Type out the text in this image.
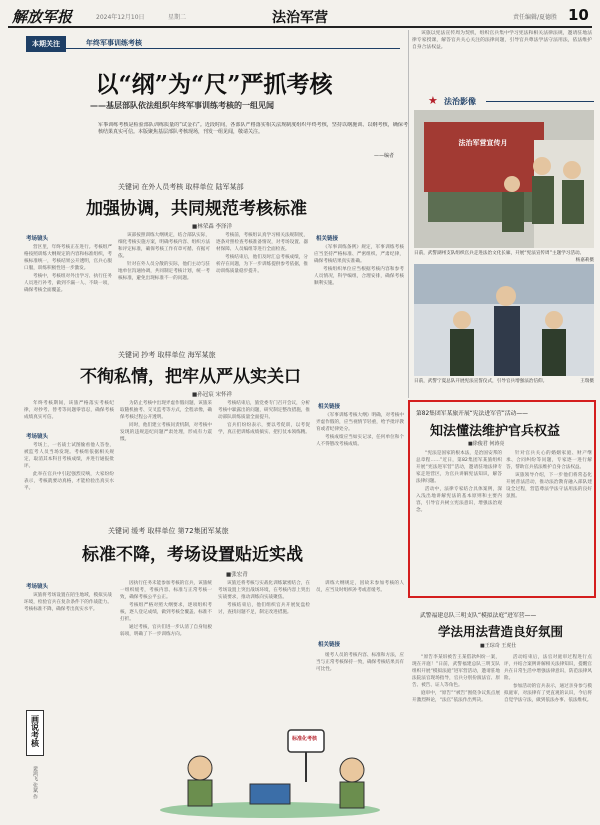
解放军报	2024年12月10日	星期二	法治军营	责任编辑/夏德胜 10
本期关注	年终军事训练考核
以“纲”为“尺”严抓考核
——基层部队依法组织年终军事训练考核的一组见闻
军事训练考核是检验部队训练质量的“试金石”。近段时间，各部队严格落实相关法规制度组织年终考核，坚持以纲施训、以纲考核，确保考核结果真实可信。本版聚焦基层部队考核现场，刊发一组见闻，敬请关注。
——编者
关键词 在外人员考核 取样单位 陆军某部
加强协调，共同规范考核标准
■林荣森 李泽洋
考场镜头

营区里，年终考核正在进行。考核组严格按照训练大纲规定的内容和标准组织，考核标准统一，考核结果公开透明，官兵心服口服，训练积极性进一步激发。

考核中，考核组对外出学习、执行任务人员进行补考，做到不漏一人、不缺一项，确保考核全面覆盖。

该部按照训练大纲规定，结合部队实际，细化考核实施方案，明确考核内容、组织方法和评定标准，确保考核工作有章可循、有据可依。

针对在外人员分散的实际，他们主动与驻地单位沟通协调，共同制定考核计划，统一考核标准，避免出现标准不一的问题。

考核前，考核组认真学习相关法规制度，逐条对照检查考核准备情况，对考场设置、器材保障、人员编组等进行全面检查。

考核结束后，他们及时汇总考核成绩，分析存在问题，为下一步训练提供参考依据，推动训练质量稳步提升。

相关链接

《军事训练条例》规定，军事训练考核应当坚持严格标准、严密组织、严肃纪律，确保考核结果真实准确。

考核组织单位应当根据考核内容和参考人员情况，科学编组，合理安排，确保考核顺利实施。

关键词 抄考 取样单位 海军某旅
不徇私情，把牢从严从实关口
■孙冠宸 宋怀祥
考场镜头

年终考核期间，该旅严格落实考核纪律，对抄考、替考等问题零容忍，确保考核成绩真实可信。

考场上，一名战士试图偷看他人答卷，被监考人员当场发现。考核组依据相关规定，取消其本科目考核成绩，并进行通报批评。

此举在官兵中引起强烈反响，大家纷纷表示，考核就要动真格，才能检验出真实水平。

为防止考核中出现弄虚作假问题，该旅采取随机抽考、交叉监考等方式，全程录像，确保考核过程公开透明。

同时，他们建立考核问责机制，对考核中发现的违规违纪问题严肃处理，形成有力震慑。

考核结束后，旅党委专门召开会议，分析考核中暴露出的问题，研究制定整改措施，推动部队训练质量全面提升。

官兵们纷纷表示，要以考促训，以考促学，真正把训练成绩搞实、把打仗本领练精。

相关链接

《军事训练考核大纲》明确，对考核中弄虚作假的，应当视情节轻重，给予批评教育或者纪律处分。

考核成绩应当如实记录，任何单位和个人不得篡改考核成绩。

关键词 缓考 取样单位 第72集团军某旅
标准不降，考场设置贴近实战
■张宏青
考场镜头

该旅将考场设置在陌生地域，模拟实战环境，检验官兵在复杂条件下的作战能力。考核标准不降，确保考出真实水平。

因执行任务未能参加考核的官兵，该旅统一组织缓考，考核内容、标准与正常考核一致，确保考核公平公正。

考核组严格对照大纲要求，逐项组织考核，逐人登记成绩，做到考核全覆盖、标准不打折。

通过考核，官兵们进一步认清了自身短板弱项，明确了下一步训练方向。

该旅还将考核与实战化训练紧密结合，在考场设置上突出战场环境，在考核内容上突出实战要求，推动训练向实战聚焦。

考核结束后，他们组织官兵开展复盘检讨，查找问题不足，制定改进措施。

相关链接

训练大纲规定，因故未参加考核的人员，应当及时组织补考或者缓考。

缓考人员的考核内容、标准和方法，应当与正常考核保持一致，确保考核结果具有可比性。

画说考核
裴鸿飞 张斌 作
标准化考核

该旅以宪法宣传周为契机，组织官兵集中学习宪法和相关法律法规，邀请驻地法律专家授课，解答官兵关心关注的法律问题，引导官兵尊法学法守法用法，依法维护自身合法权益。

★ 法治影像
法治军营宣传月
日前，武警湖州支队组织官兵走进法治文化长廊，开展“宪法宣传周”主题学习活动。
杨嘉莉摄
日前，武警宁夏总队开展宪法宣誓仪式，引导官兵增强法治信仰。	王瑞摄
第82集团军某旅开展“宪法进军营”活动——
知法懂法维护官兵权益
■徐俊君 何涛亮

“宪法是国家的根本法，是治国安邦的总章程……”近日，第82集团军某旅组织开展“宪法进军营”活动，邀请驻地法律专家走进营区，为官兵讲解宪法知识，解答法律问题。

活动中，法律专家结合具体案例，深入浅出地讲解宪法的基本原则和主要内容，引导官兵树立宪法意识，增强法治观念。

针对官兵关心的婚姻家庭、财产继承、合同纠纷等问题，专家逐一进行解答，帮助官兵依法维护自身合法权益。

该旅领导介绍，下一步他们将常态化开展普法活动，推动法治教育融入部队建设全过程，营造尊法学法守法用法的良好氛围。

武警福建总队三明支队“模拟法庭”进军营——
学法用法营造良好氛围
■王琮奇 王虎仕

“原告李某诉被告王某借款纠纷一案，现在开庭！”日前，武警福建总队三明支队组织开展“模拟法庭”进军营活动，邀请驻地法院法官现场指导，官兵分别扮演法官、原告、被告、证人等角色。

庭审中，“原告”“被告”围绕争议焦点展开激烈辩论，“法官”依法作出判决。

活动结束后，法官对庭审过程进行点评，并结合案例讲解相关法律知识，提醒官兵在日常生活中增强法律意识，防范法律风险。

参加活动的官兵表示，通过亲身参与模拟庭审，对法律有了更直观的认识，今后将自觉学法守法，做到依法办事、依法维权。
